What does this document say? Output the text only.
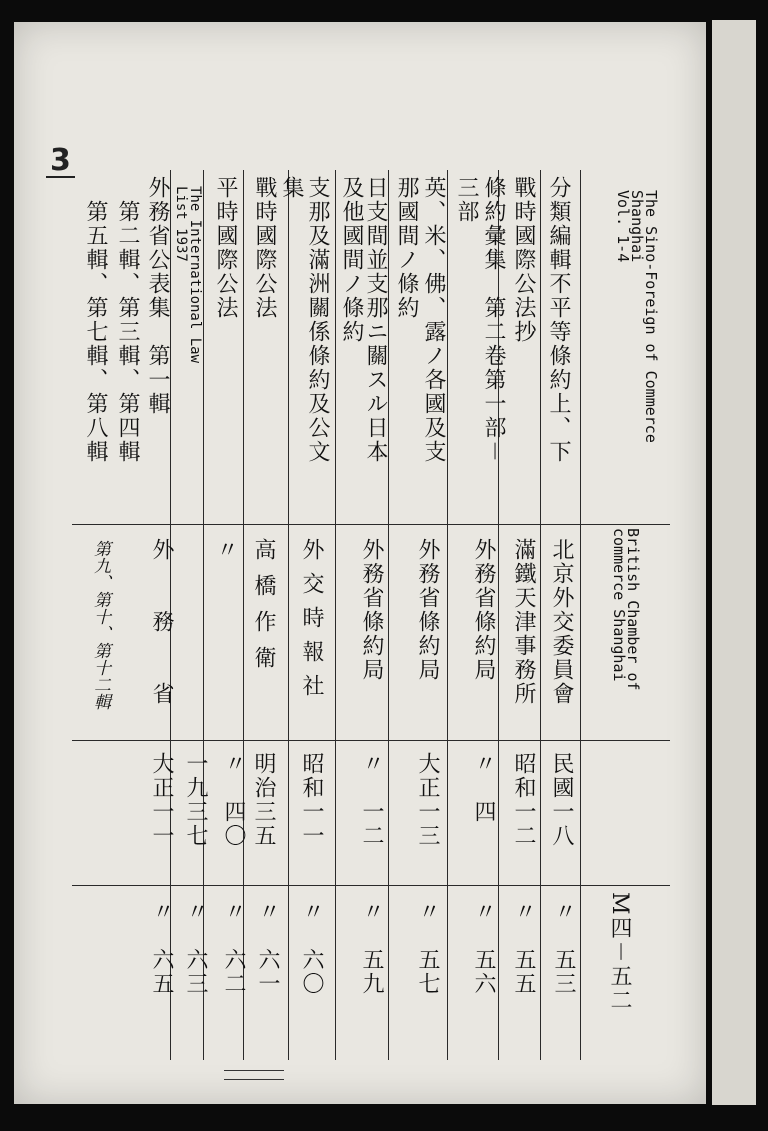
3
The Sino-Foreign of Commerce
Shanghai
Vol. 1-4
分類編輯不平等條約上、下
戰時國際公法抄
條約彙集　第二卷第一部－
三部
英、米、佛、露ノ各國及支
那國間ノ條約
日支間並支那ニ關スル日本
及他國間ノ條約
支那及滿洲關係條約及公文
集
戰時國際公法
平時國際公法
The International Law
List 1937
外務省公表集　第一輯
第二輯、第三輯、第四輯
第五輯、第七輯、第八輯
British Chamber of
commerce Shanghai
北京外交委員會
滿鐵天津事務所
外務省條約局
外務省條約局
外務省條約局
外交時報社
高橋作衛
〃
外　　務　　省
第九、第十、第十二輯
民國一八
昭和一二
〃　四
大正一三
〃　一二
昭和一一
明治三五
〃　四〇
一九三七
大正一一
M四－五二
〃　五三
〃　五五
〃　五六
〃　五七
〃　五九
〃　六〇
〃　六一
〃　六二
〃　六三
〃　六五
